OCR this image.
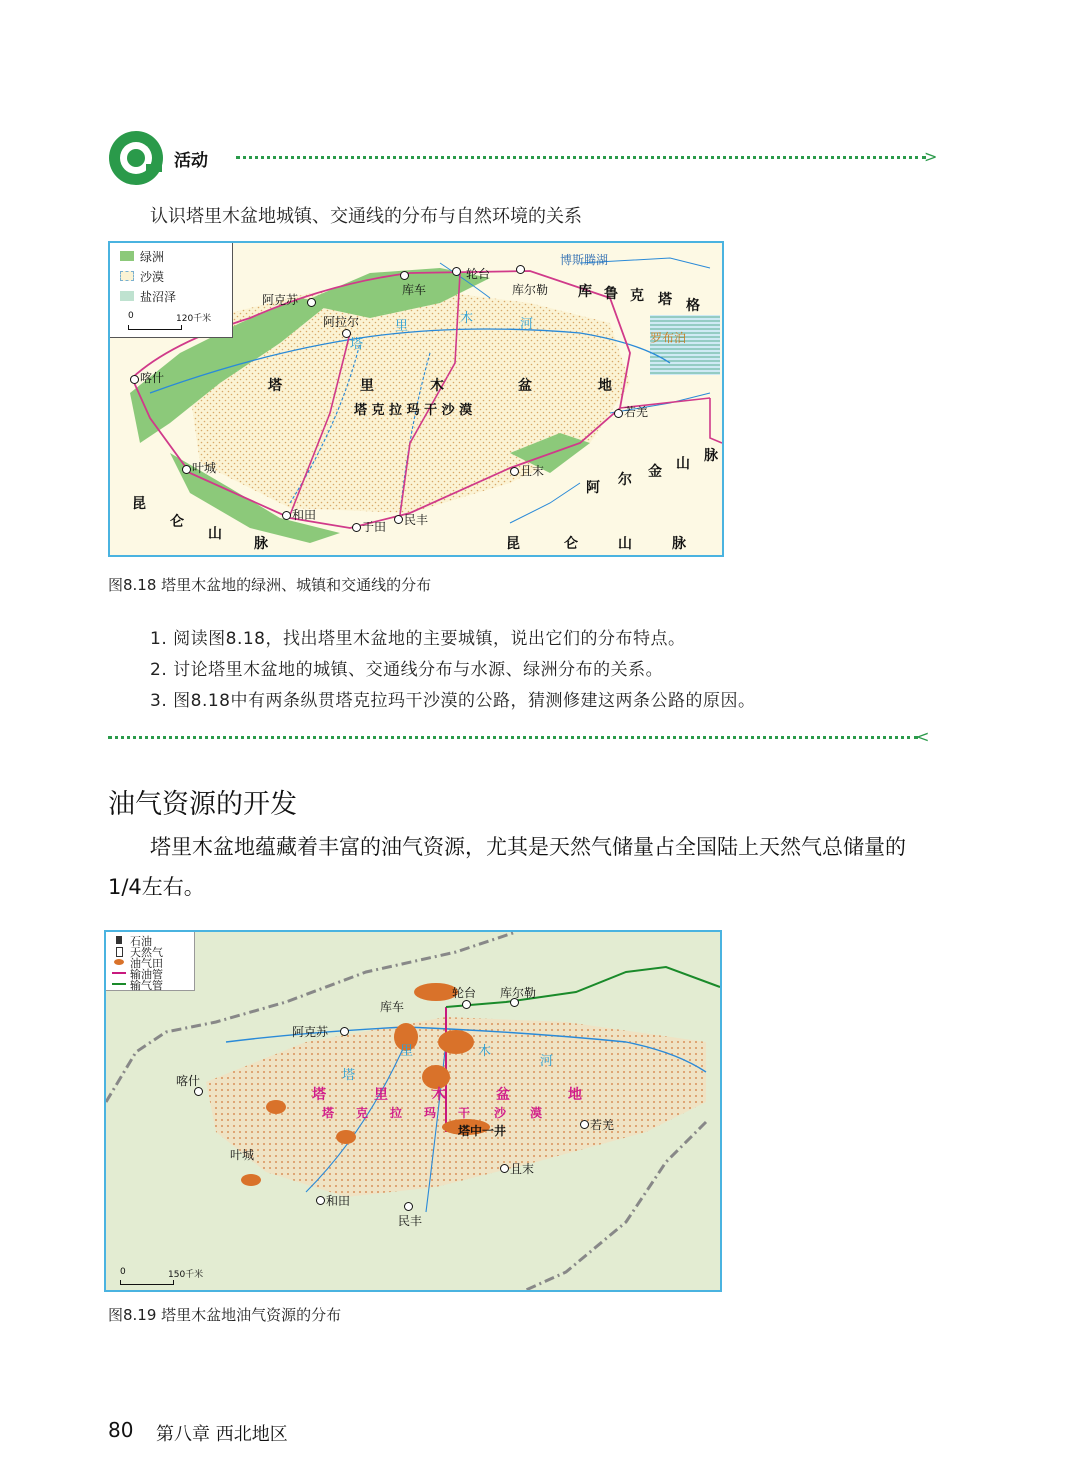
活动	>
认识塔里木盆地城镇、交通线的分布与自然环境的关系
绿洲
沙漠
盐沼泽
0	120千米
库车
轮台
库尔勒
阿克苏
阿拉尔
喀什
若羌
叶城	且末
和田
于田 民丰
博斯腾湖
库 鲁 克 塔 格
罗布泊
塔	里	木	盆	地
塔 克 拉 玛 干 沙 漠
塔
里
木	河
阿 尔 金 山 脉
昆
仑
山
脉	昆	仑	山	脉
图8.18 塔里木盆地的绿洲、城镇和交通线的分布
1. 阅读图8.18，找出塔里木盆地的主要城镇，说出它们的分布特点。
2. 讨论塔里木盆地的城镇、交通线分布与水源、绿洲分布的关系。
3. 图8.18中有两条纵贯塔克拉玛干沙漠的公路，猜测修建这两条公路的原因。
<
油气资源的开发
塔里木盆地蕴藏着丰富的油气资源，尤其是天然气储量占全国陆上天然气总储量的1/4左右。
石油
天然气
油气田
输油管
输气管
轮台 库尔勒
库车
阿克苏
喀什
塔中一井	若羌
叶城
且末
和田
民丰
塔	里	木	盆	地
塔 克 拉 玛 干 沙 漠
塔
里	木
河
0	150千米
图8.19 塔里木盆地油气资源的分布
80 第八章 西北地区
